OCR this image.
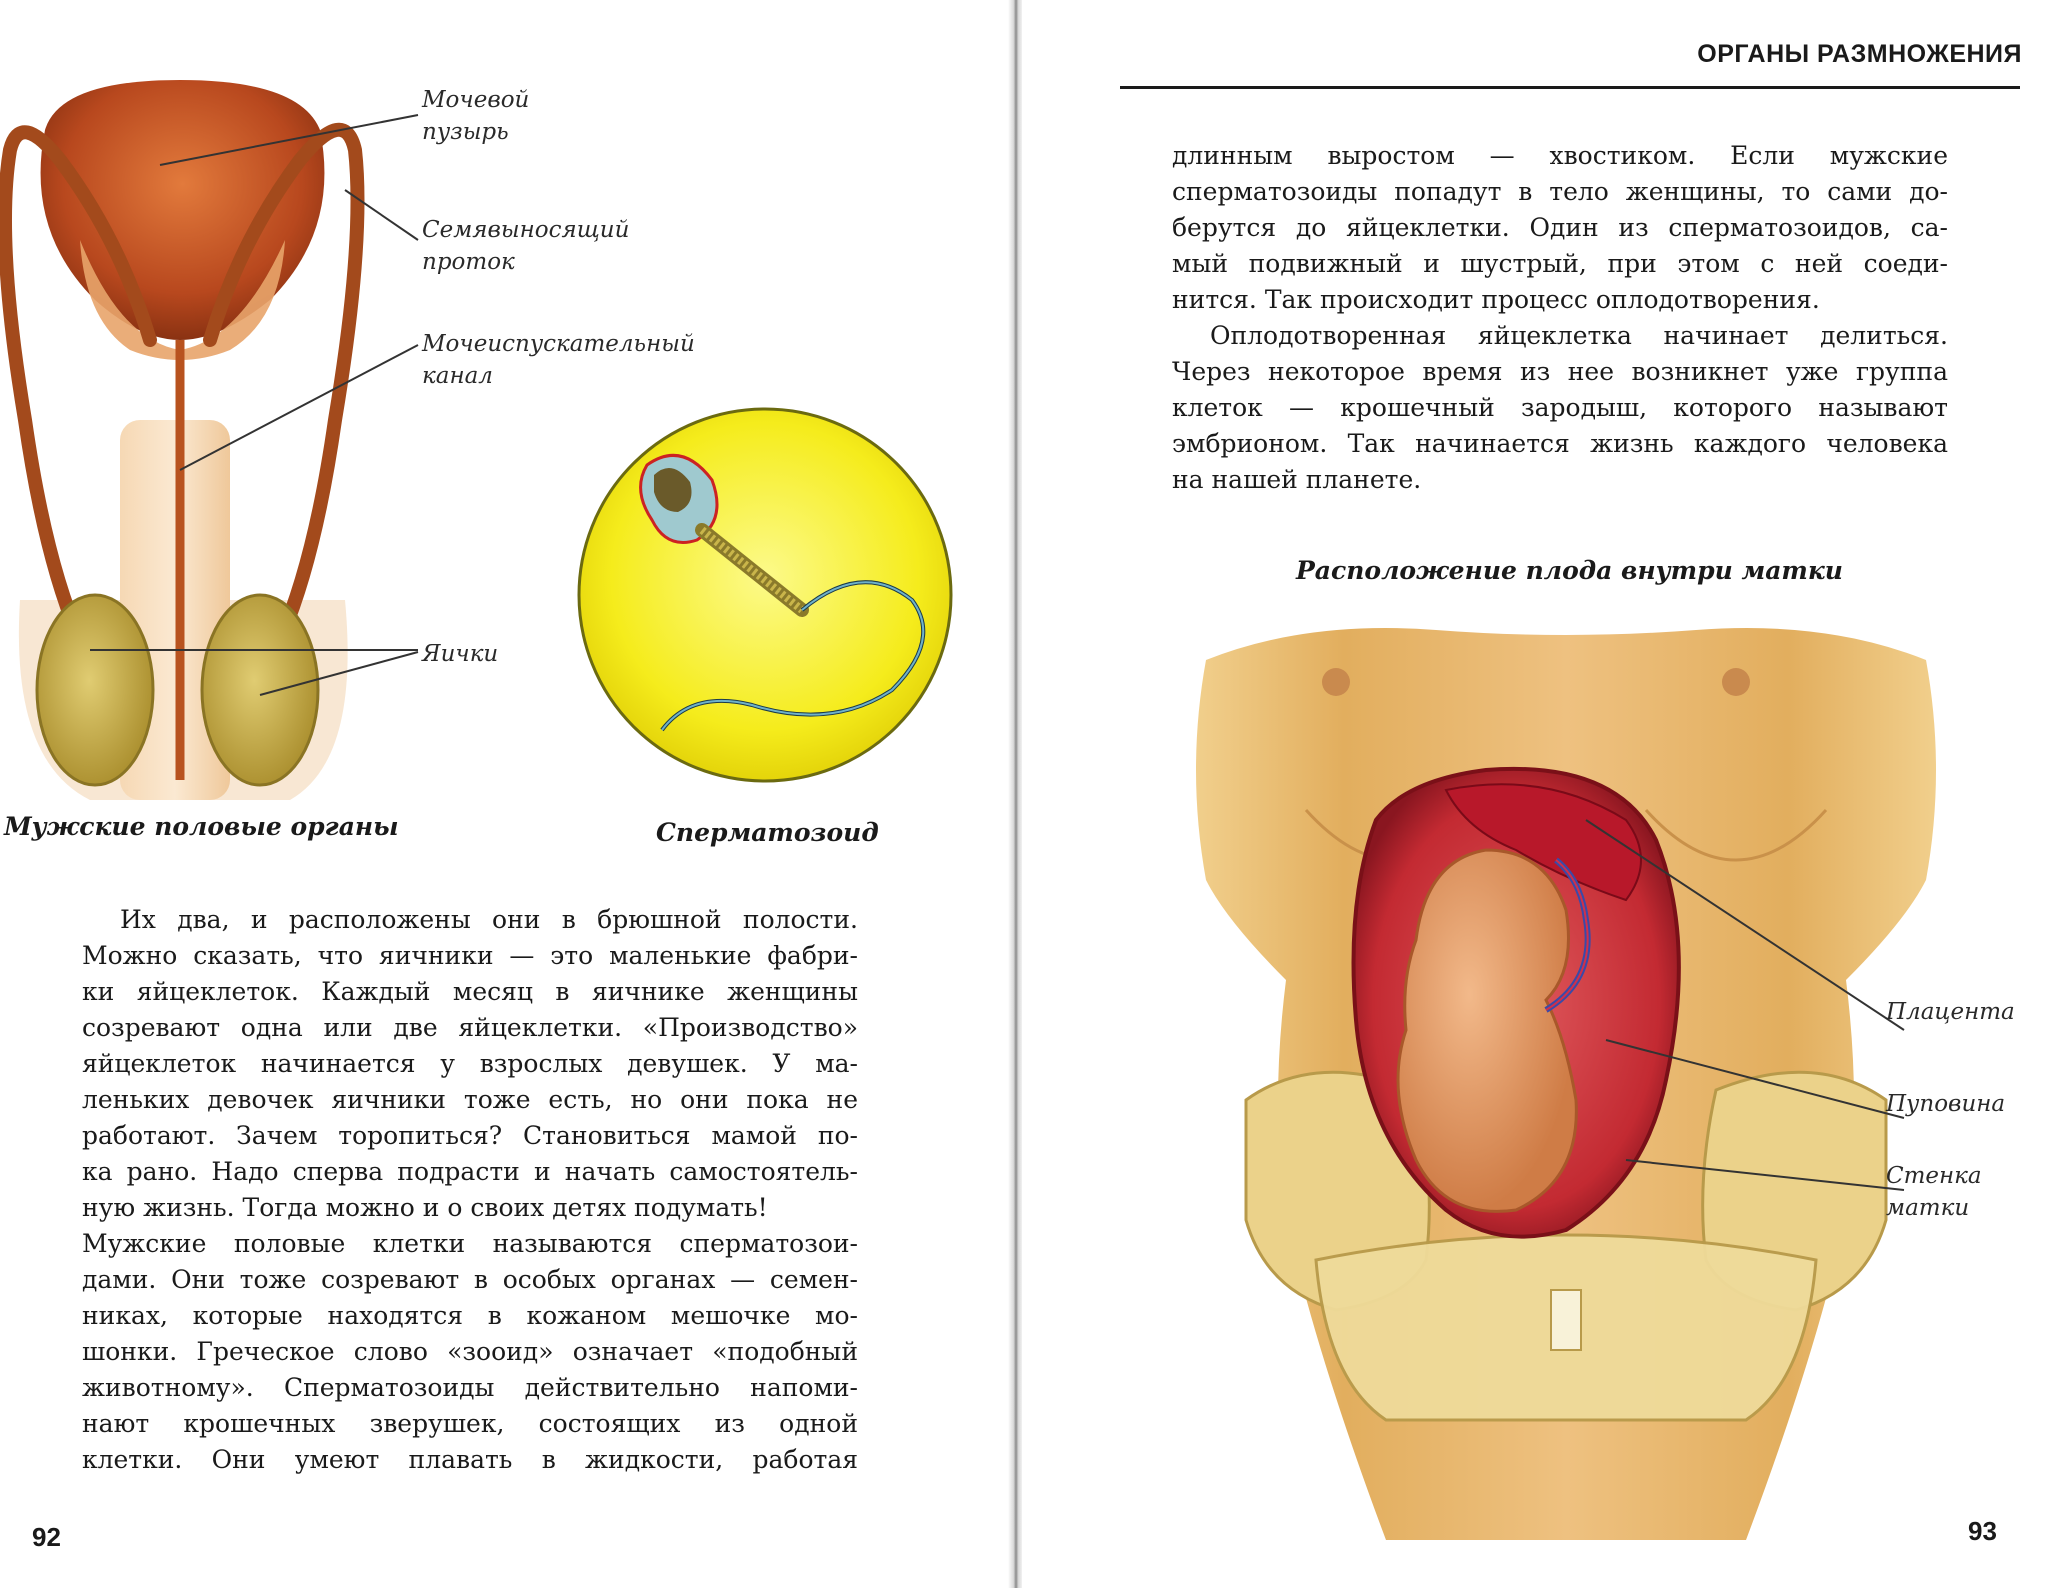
Мочевой
пузырь
Семявыносящий
проток
Мочеиспускательный
канал
Яички
Мужские половые органы	Сперматозоид
Их два, и расположены они в брюшной полости.
Можно сказать, что яичники — это маленькие фабри-
ки яйцеклеток. Каждый месяц в яичнике женщины
созревают одна или две яйцеклетки. «Производство»
яйцеклеток начинается у взрослых девушек. У ма-
леньких девочек яичники тоже есть, но они пока не
работают. Зачем торопиться? Становиться мамой по-
ка рано. Надо сперва подрасти и начать самостоятель-
ную жизнь. Тогда можно и о своих детях подумать!
Мужские половые клетки называются сперматозои-
дами. Они тоже созревают в особых органах — семен-
никах, которые находятся в кожаном мешочке мо-
шонки. Греческое слово «зооид» означает «подобный
животному». Сперматозоиды действительно напоми-
нают крошечных зверушек, состоящих из одной
клетки. Они умеют плавать в жидкости, работая
92
ОРГАНЫ РАЗМНОЖЕНИЯ
длинным выростом — хвостиком. Если мужские
сперматозоиды попадут в тело женщины, то сами до-
берутся до яйцеклетки. Один из сперматозоидов, са-
мый подвижный и шустрый, при этом с ней соеди-
нится. Так происходит процесс оплодотворения.
Оплодотворенная яйцеклетка начинает делиться.
Через некоторое время из нее возникнет уже группа
клеток — крошечный зародыш, которого называют
эмбрионом. Так начинается жизнь каждого человека
на нашей планете.
Расположение плода внутри матки
Плацента
Пуповина
Стенка
матки
93
